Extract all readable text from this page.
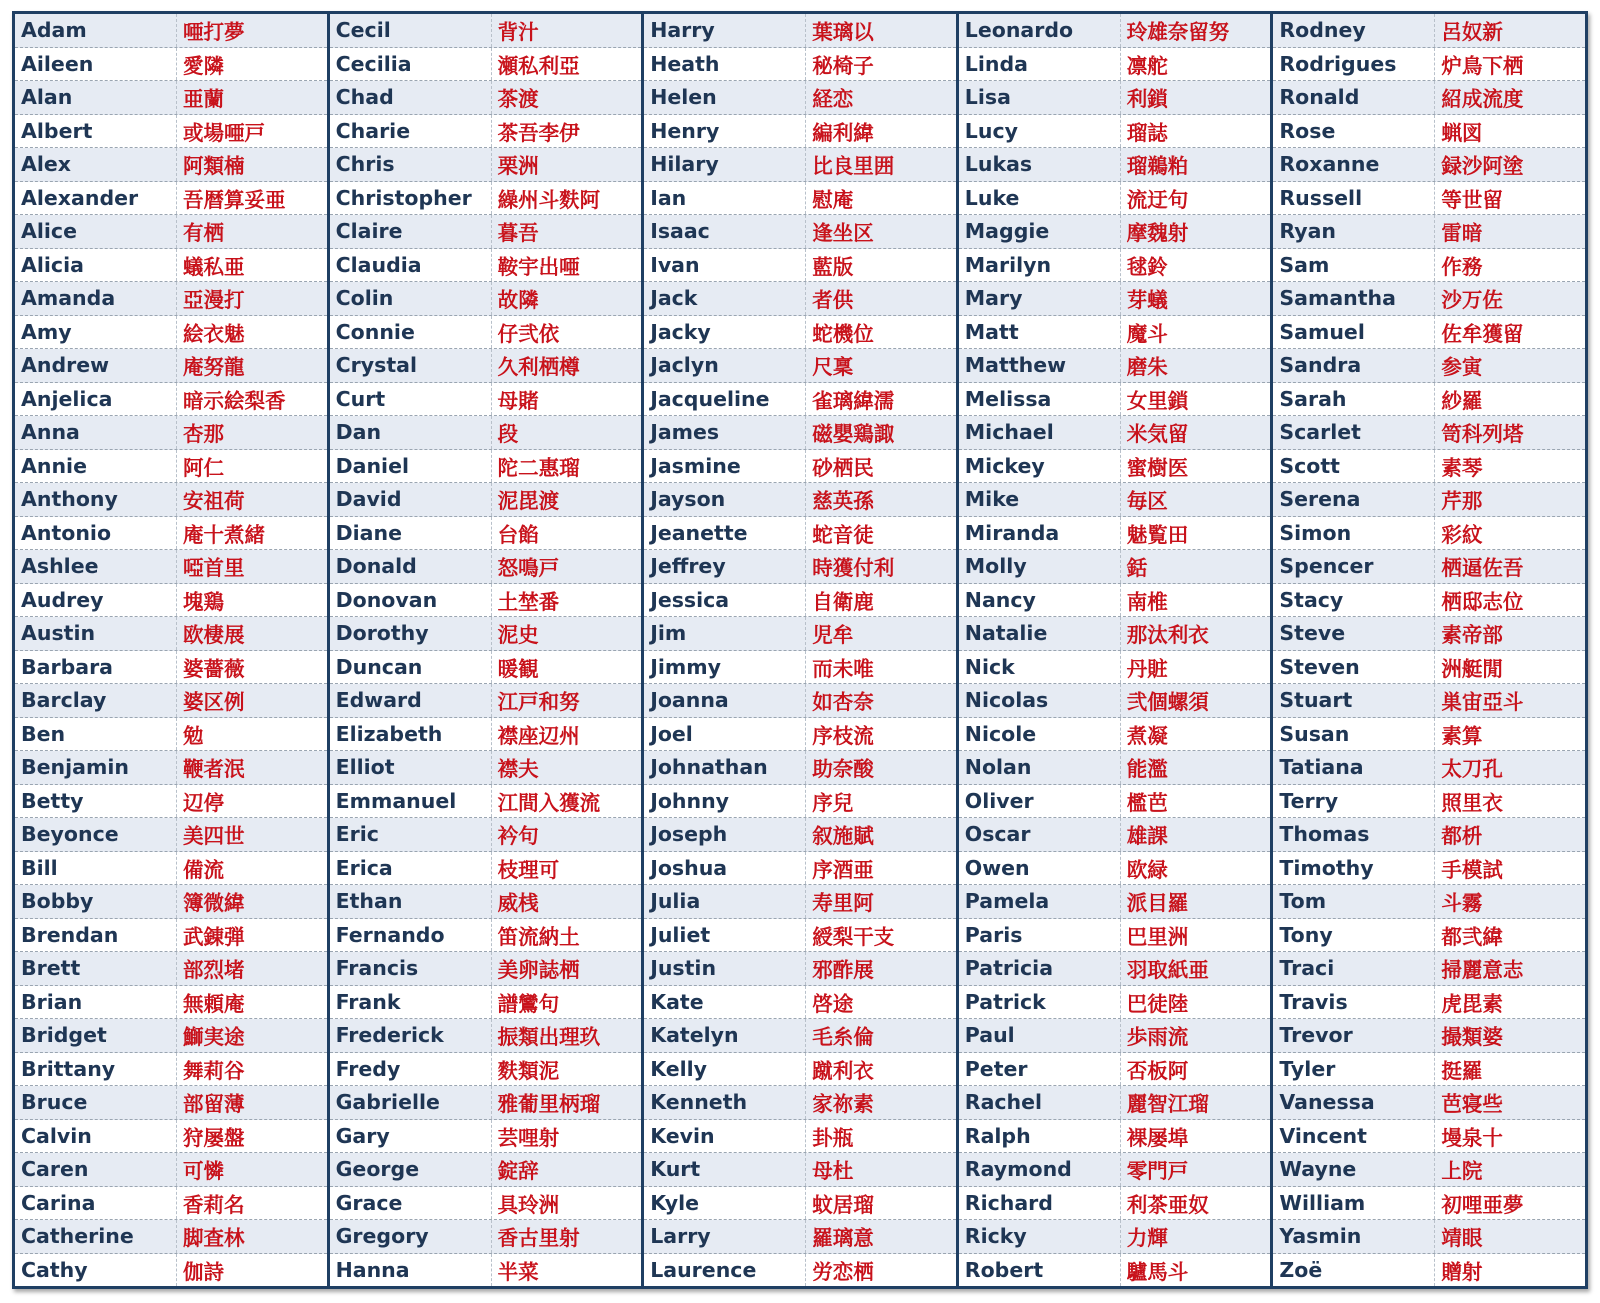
Adam	唖打夢
Aileen	愛隣
Alan	亜蘭
Albert	或場唖戸
Alex	阿類楠
Alexander	吾暦算妥亜
Alice	有栖
Alicia	蟻私亜
Amanda	亞漫打
Amy	絵衣魅
Andrew	庵努龍
Anjelica	暗示絵梨香
Anna	杏那
Annie	阿仁
Anthony	安祖荷
Antonio	庵十煮緒
Ashlee	啞首里
Audrey	塊鶏
Austin	欧棲展
Barbara	婆薔薇
Barclay	婆区例
Ben	勉
Benjamin	鞭者泯
Betty	辺停
Beyonce	美四世
Bill	備流
Bobby	簿微緯
Brendan	武錬弾
Brett	部烈堵
Brian	無頼庵
Bridget	鰤実途
Brittany	舞莉谷
Bruce	部留薄
Calvin	狩屡盤
Caren	可憐
Carina	香莉名
Catherine	脚査林
Cathy	伽詩
Cecil	背汁
Cecilia	瀬私利亞
Chad	茶渡
Charie	茶吾李伊
Chris	栗洲
Christopher	繰州斗麩阿
Claire	暮吾
Claudia	鞍宇出唖
Colin	故隣
Connie	仔弐依
Crystal	久利栖樽
Curt	母賭
Dan	段
Daniel	陀二惠瑠
David	泥毘渡
Diane	台餡
Donald	怒鳴戸
Donovan	土埜番
Dorothy	泥史
Duncan	暖観
Edward	江戸和努
Elizabeth	襟座辺州
Elliot	襟夫
Emmanuel	江間入獲流
Eric	衿句
Erica	枝理可
Ethan	威桟
Fernando	笛流納土
Francis	美卵誌栖
Frank	譜鸞句
Frederick	振類出理玖
Fredy	麩類泥
Gabrielle	雅葡里柄瑠
Gary	芸哩射
George	錠辞
Grace	具玲洲
Gregory	香古里射
Hanna	半菜
Harry	葉璃以
Heath	秘椅子
Helen	経恋
Henry	編利緯
Hilary	比良里囲
Ian	慰庵
Isaac	逢坐区
Ivan	藍版
Jack	者供
Jacky	蛇機位
Jaclyn	尺稟
Jacqueline	雀璃緯濡
James	磁嬰鶏諏
Jasmine	砂栖民
Jayson	慈英孫
Jeanette	蛇音徒
Jeffrey	時獲付利
Jessica	自衛鹿
Jim	児牟
Jimmy	而未唯
Joanna	如杏奈
Joel	序枝流
Johnathan	助奈酸
Johnny	序兒
Joseph	叙施賦
Joshua	序酒亜
Julia	寿里阿
Juliet	綬梨干支
Justin	邪酢展
Kate	啓途
Katelyn	毛糸倫
Kelly	蹴利衣
Kenneth	家祢素
Kevin	卦瓶
Kurt	母杜
Kyle	蚊居瑠
Larry	羅璃意
Laurence	労恋栖
Leonardo	玲雄奈留努
Linda	凛舵
Lisa	利鎖
Lucy	瑠誌
Lukas	瑠鵜粕
Luke	流迂句
Maggie	摩魏射
Marilyn	毬鈴
Mary	芽蟻
Matt	魔斗
Matthew	磨朱
Melissa	女里鎖
Michael	米気留
Mickey	蜜樹医
Mike	毎区
Miranda	魅覧田
Molly	銛
Nancy	南椎
Natalie	那汰利衣
Nick	丹賍
Nicolas	弐個螺須
Nicole	煮凝
Nolan	能濫
Oliver	檻芭
Oscar	雄課
Owen	欧緑
Pamela	派目羅
Paris	巴里洲
Patricia	羽取紙亜
Patrick	巴徒陸
Paul	歩雨流
Peter	否板阿
Rachel	麗智江瑠
Ralph	裸屡埠
Raymond	零門戸
Richard	利茶亜奴
Ricky	力輝
Robert	驢馬斗
Rodney	呂奴新
Rodrigues	炉鳥下栖
Ronald	紹成流度
Rose	蝋図
Roxanne	録沙阿塗
Russell	等世留
Ryan	雷暗
Sam	作務
Samantha	沙万佐
Samuel	佐牟獲留
Sandra	参寅
Sarah	紗羅
Scarlet	笥科列塔
Scott	素琴
Serena	芹那
Simon	彩紋
Spencer	栖逼佐吾
Stacy	栖邸志位
Steve	素帝部
Steven	洲艇閒
Stuart	巣宙亞斗
Susan	素算
Tatiana	太刀孔
Terry	照里衣
Thomas	都枡
Timothy	手模試
Tom	斗霧
Tony	都弐緯
Traci	掃麗意志
Travis	虎毘素
Trevor	撮類婆
Tyler	挺羅
Vanessa	芭寝些
Vincent	墁泉十
Wayne	上院
William	初哩亜夢
Yasmin	靖眼
Zoë	贈射
